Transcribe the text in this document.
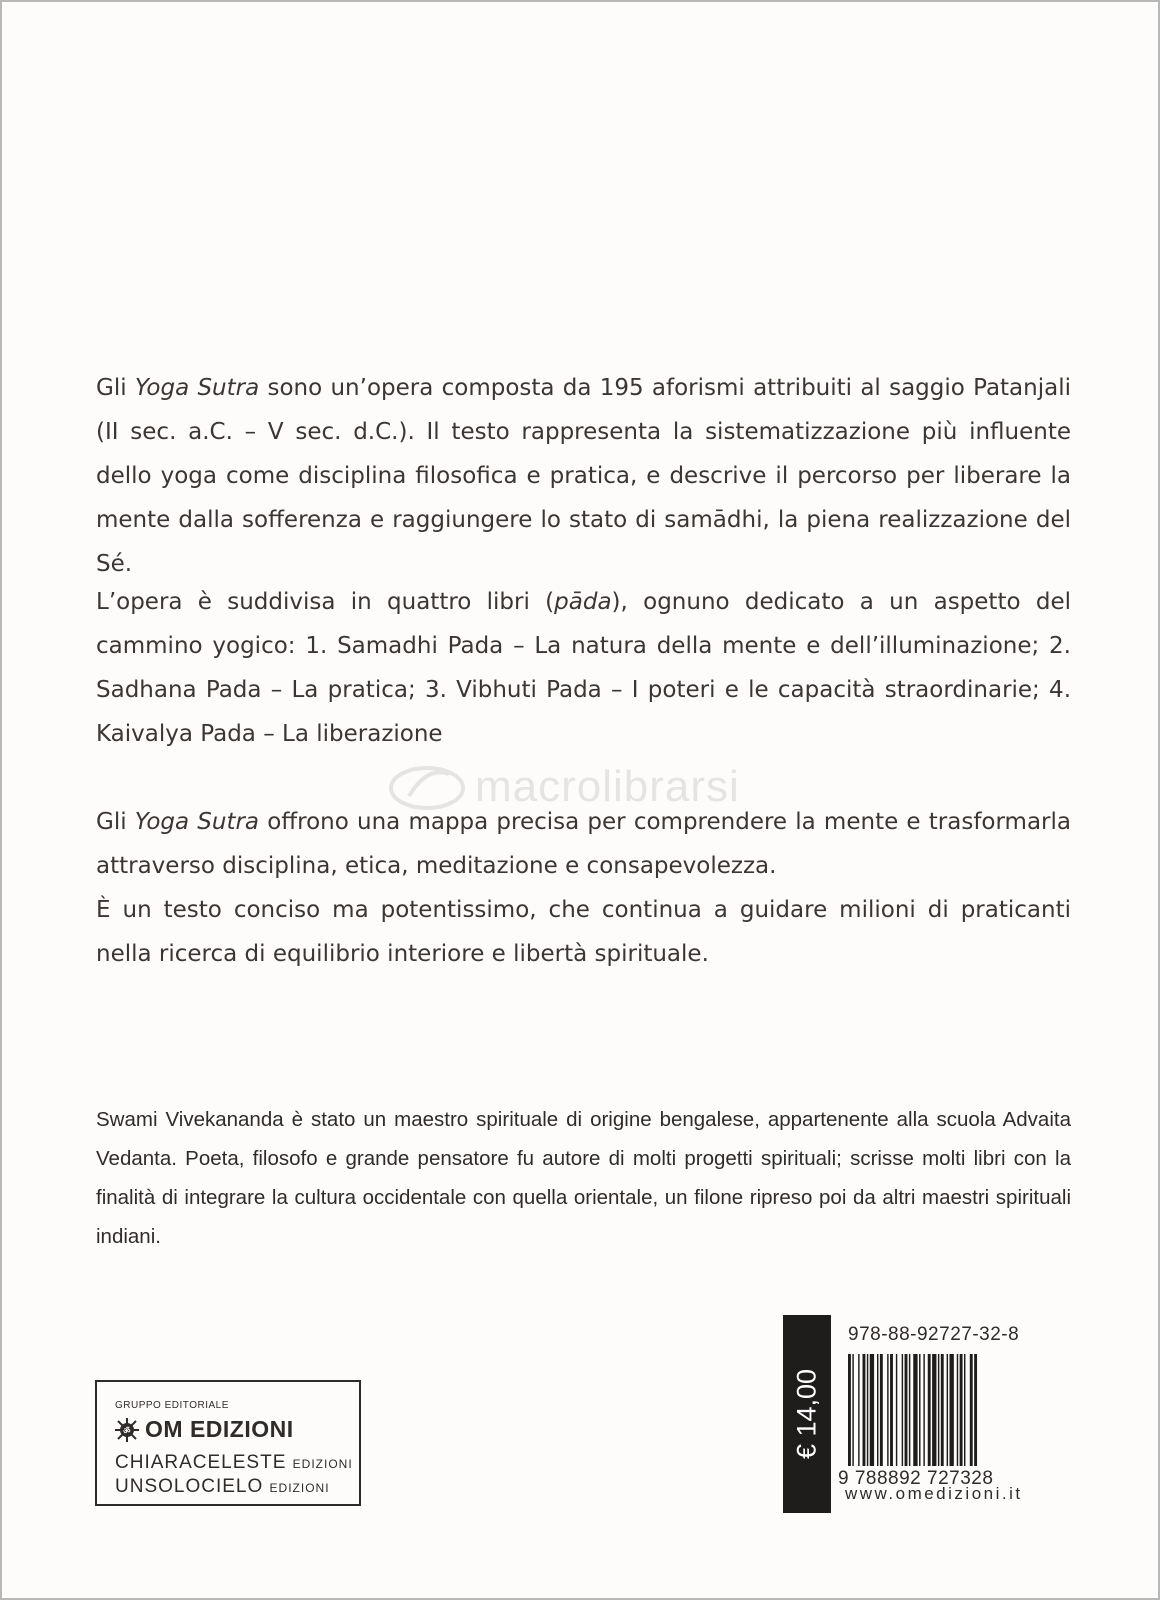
Gli Yoga Sutra sono un’opera composta da 195 aforismi attribuiti al saggio Patanjali (II sec. a.C. – V sec. d.C.). Il testo rappresenta la sistematizzazione più influente dello yoga come disciplina filosofica e pratica, e descrive il percorso per liberare la mente dalla sofferenza e raggiungere lo stato di samādhi, la piena realizzazione del Sé.

L’opera è suddivisa in quattro libri (pāda), ognuno dedicato a un aspetto del cammino yogico: 1. Samadhi Pada – La natura della mente e dell’illuminazione; 2. Sadhana Pada – La pratica; 3. Vibhuti Pada – I poteri e le capacità straordinarie; 4. Kaivalya Pada – La liberazione

Gli Yoga Sutra offrono una mappa precisa per comprendere la mente e trasformarla attraverso disciplina, etica, meditazione e consapevolezza.
È un testo conciso ma potentissimo, che continua a guidare milioni di praticanti nella ricerca di equilibrio interiore e libertà spirituale.
macrolibrarsi

Swami Vivekananda è stato un maestro spirituale di origine bengalese, appartenente alla scuola Advaita Vedanta. Poeta, filosofo e grande pensatore fu autore di molti progetti spirituali; scrisse molti libri con la finalità di integrare la cultura occidentale con quella orientale, un filone ripreso poi da altri maestri spirituali indiani.

GRUPPO EDITORIALE
ॐ OM EDIZIONI
CHIARACELESTE EDIZIONI
UNSOLOCIELO EDIZIONI
€ 14,00
978-88-92727-32-8
9 788892 727328
www.omedizioni.it
